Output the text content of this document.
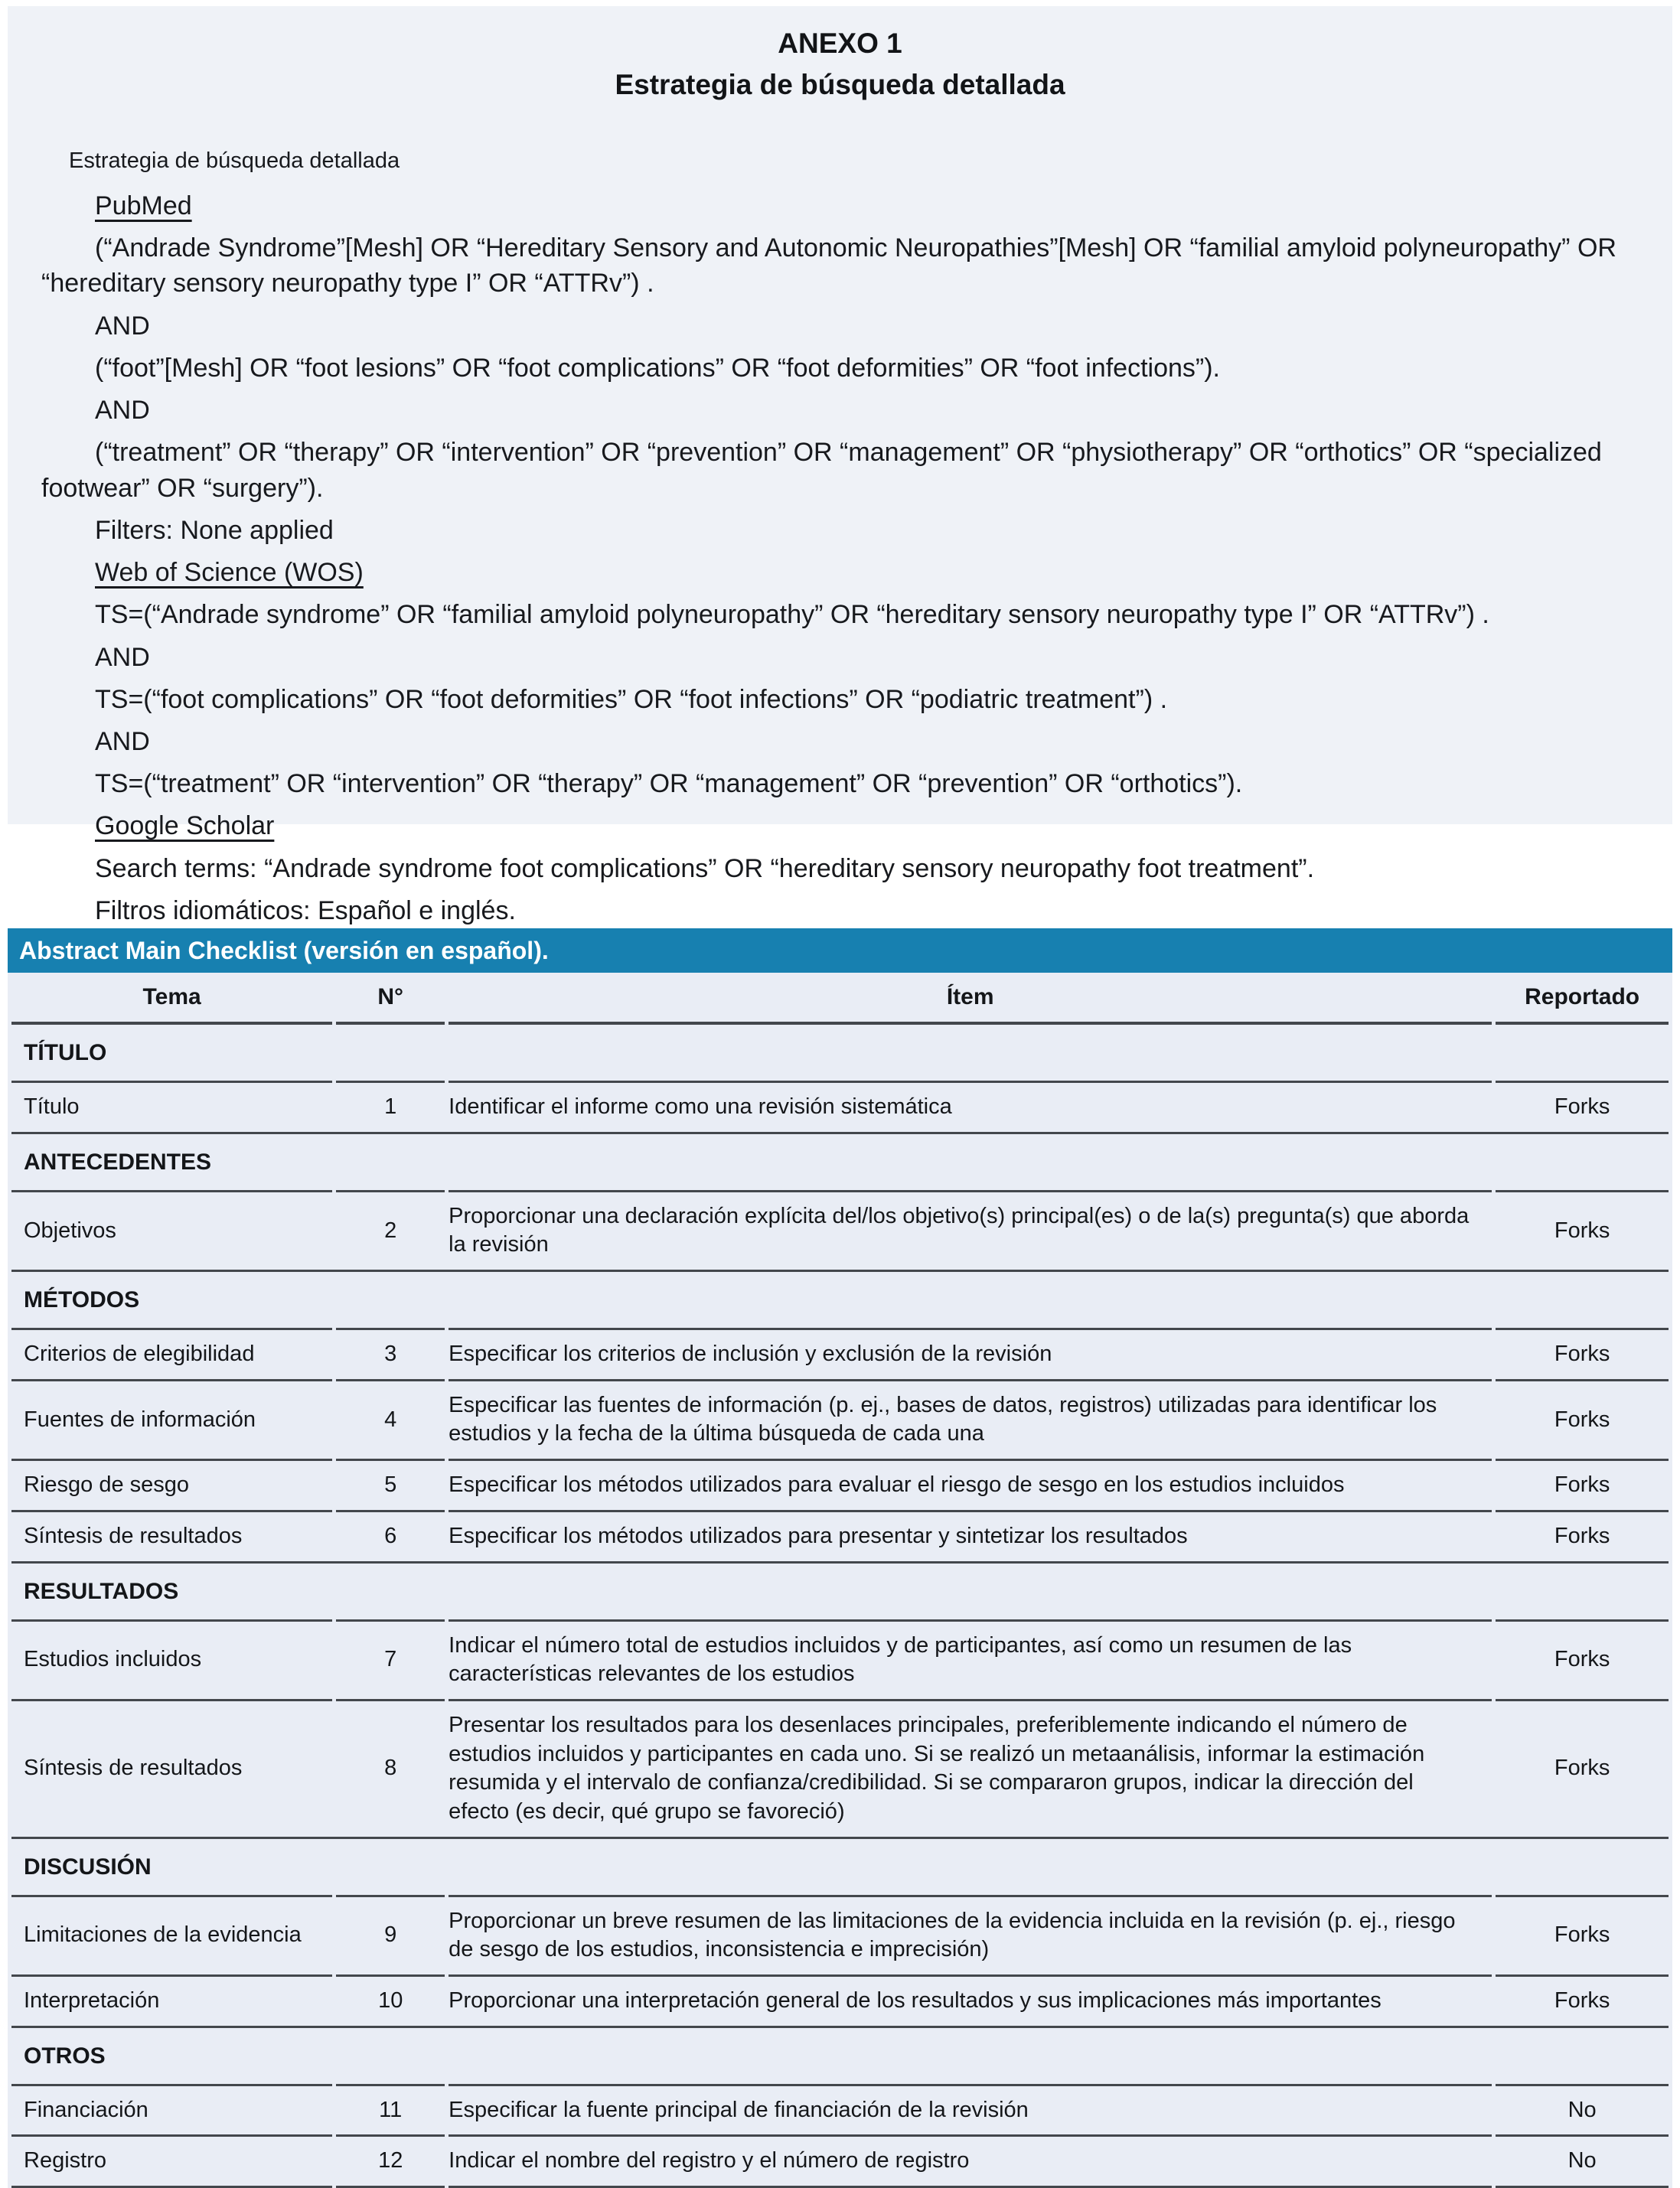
ANEXO 1
Estrategia de búsqueda detallada
Estrategia de búsqueda detallada
PubMed
(“Andrade Syndrome”[Mesh] OR “Hereditary Sensory and Autonomic Neuropathies”[Mesh] OR “familial amyloid polyneuropathy” OR “hereditary sensory neuropathy type I” OR “ATTRv”) .
AND
(“foot”[Mesh] OR “foot lesions” OR “foot complications” OR “foot deformities” OR “foot infections”).
AND
(“treatment” OR “therapy” OR “intervention” OR “prevention” OR “management” OR “physiotherapy” OR “orthotics” OR “specialized footwear” OR “surgery”).
Filters: None applied
Web of Science (WOS)
TS=(“Andrade syndrome” OR “familial amyloid polyneuropathy” OR “hereditary sensory neuropathy type I” OR “ATTRv”) .
AND
TS=(“foot complications” OR “foot deformities” OR “foot infections” OR “podiatric treatment”) .
AND
TS=(“treatment” OR “intervention” OR “therapy” OR “management” OR “prevention” OR “orthotics”).
Google Scholar
Search terms: “Andrade syndrome foot complications” OR “hereditary sensory neuropathy foot treatment”.
Filtros idiomáticos: Español e inglés.
Abstract Main Checklist (versión en español).
Tema	N°	Ítem	Reportado
TÍTULO			
Título	1	Identificar el informe como una revisión sistemática	Forks
ANTECEDENTES			
Objetivos	2	Proporcionar una declaración explícita del/los objetivo(s) principal(es) o de la(s) pregunta(s) que aborda la revisión	Forks
MÉTODOS			
Criterios de elegibilidad	3	Especificar los criterios de inclusión y exclusión de la revisión	Forks
Fuentes de información	4	Especificar las fuentes de información (p. ej., bases de datos, registros) utilizadas para identificar los estudios y la fecha de la última búsqueda de cada una	Forks
Riesgo de sesgo	5	Especificar los métodos utilizados para evaluar el riesgo de sesgo en los estudios incluidos	Forks
Síntesis de resultados	6	Especificar los métodos utilizados para presentar y sintetizar los resultados	Forks
RESULTADOS			
Estudios incluidos	7	Indicar el número total de estudios incluidos y de participantes, así como un resumen de las características relevantes de los estudios	Forks
Síntesis de resultados	8	Presentar los resultados para los desenlaces principales, preferiblemente indicando el número de estudios incluidos y participantes en cada uno. Si se realizó un metaanálisis, informar la estimación resumida y el intervalo de confianza/credibilidad. Si se compararon grupos, indicar la dirección del efecto (es decir, qué grupo se favoreció)	Forks
DISCUSIÓN			
Limitaciones de la evidencia	9	Proporcionar un breve resumen de las limitaciones de la evidencia incluida en la revisión (p. ej., riesgo de sesgo de los estudios, inconsistencia e imprecisión)	Forks
Interpretación	10	Proporcionar una interpretación general de los resultados y sus implicaciones más importantes	Forks
OTROS			
Financiación	11	Especificar la fuente principal de financiación de la revisión	No
Registro	12	Indicar el nombre del registro y el número de registro	No
